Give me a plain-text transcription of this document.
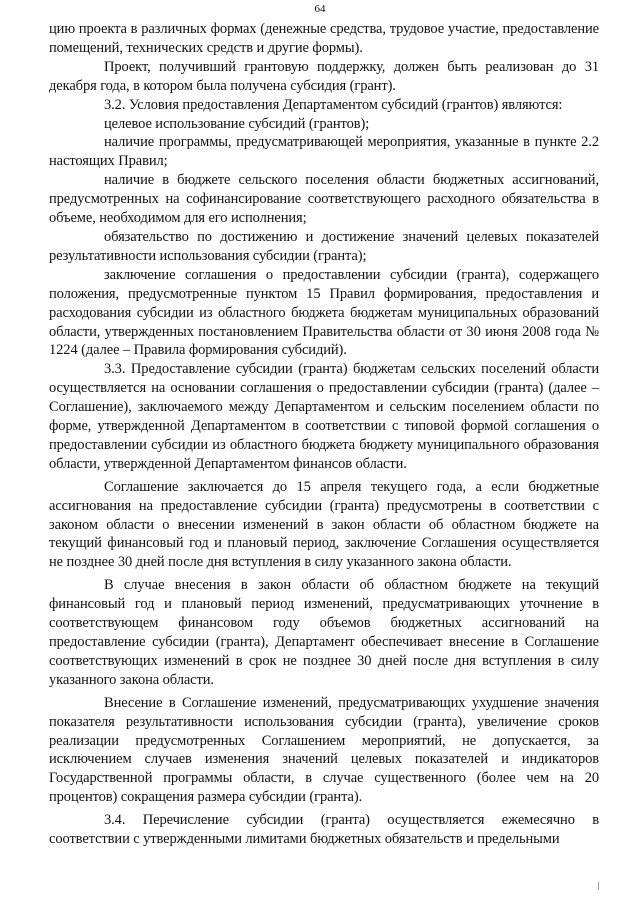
64

цию проекта в различных формах (денежные средства, трудовое участие, предоставление помещений, технических средств и другие формы).

Проект, получивший грантовую поддержку, должен быть реализован до 31 декабря года, в котором была получена субсидия (грант).

3.2. Условия предоставления Департаментом субсидий (грантов) являются:

целевое использование субсидий (грантов);

наличие программы, предусматривающей мероприятия, указанные в пункте 2.2 настоящих Правил;

наличие в бюджете сельского поселения области бюджетных ассигнований, предусмотренных на софинансирование соответствующего расходного обязательства в объеме, необходимом для его исполнения;

обязательство по достижению и достижение значений целевых показателей результативности использования субсидии (гранта);

заключение соглашения о предоставлении субсидии (гранта), содержащего положения, предусмотренные пунктом 15 Правил формирования, предоставления и расходования субсидии из областного бюджета бюджетам муниципальных образований области, утвержденных постановлением Правительства области от 30 июня 2008 года № 1224 (далее – Правила формирования субсидий).

3.3. Предоставление субсидии (гранта) бюджетам сельских поселений области осуществляется на основании соглашения о предоставлении субсидии (гранта) (далее – Соглашение), заключаемого между Департаментом и сельским поселением области по форме, утвержденной Департаментом в соответствии с типовой формой соглашения о предоставлении субсидии из областного бюджета бюджету муниципального образования области, утвержденной Департаментом финансов области.

Соглашение заключается до 15 апреля текущего года, а если бюджетные ассигнования на предоставление субсидии (гранта) предусмотрены в соответствии с законом области о внесении изменений в закон области об областном бюджете на текущий финансовый год и плановый период, заключение Соглашения осуществляется не позднее 30 дней после дня вступления в силу указанного закона области.

В случае внесения в закон области об областном бюджете на текущий финансовый год и плановый период изменений, предусматривающих уточнение в соответствующем финансовом году объемов бюджетных ассигнований на предоставление субсидии (гранта), Департамент обеспечивает внесение в Соглашение соответствующих изменений в срок не позднее 30 дней после дня вступления в силу указанного закона области.

Внесение в Соглашение изменений, предусматривающих ухудшение значения показателя результативности использования субсидии (гранта), увеличение сроков реализации предусмотренных Соглашением мероприятий, не допускается, за исключением случаев изменения значений целевых показателей и индикаторов Государственной программы области, в случае существенного (более чем на 20 процентов) сокращения размера субсидии (гранта).

3.4. Перечисление субсидии (гранта) осуществляется ежемесячно в соответствии с утвержденными лимитами бюджетных обязательств и предельными
